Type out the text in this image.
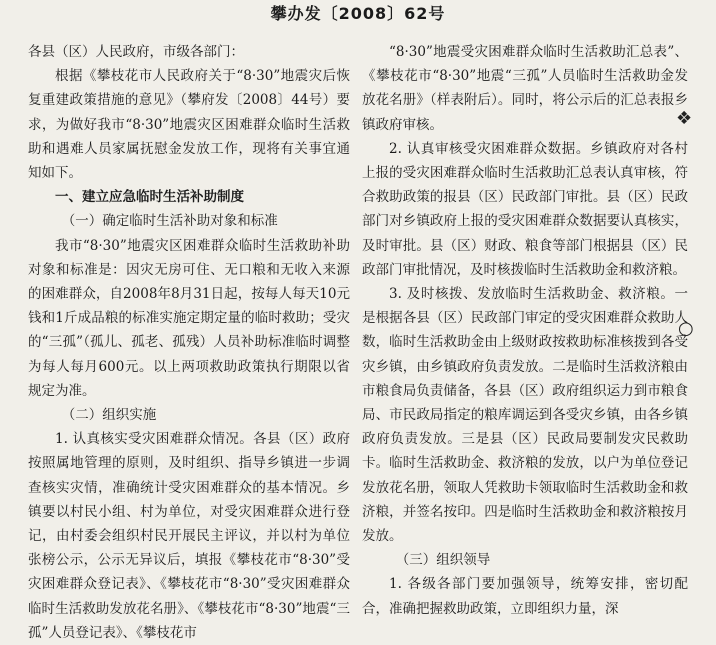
攀办发〔2008〕62号

各县（区）人民政府，市级各部门：

根据《攀枝花市人民政府关于“8·30”地震灾后恢复重建政策措施的意见》（攀府发〔2008〕44号）要求，为做好我市“8·30”地震灾区困难群众临时生活救助和遇难人员家属抚慰金发放工作，现将有关事宜通知如下。

一、建立应急临时生活补助制度

（一）确定临时生活补助对象和标准

我市“8·30”地震灾区困难群众临时生活救助补助对象和标准是：因灾无房可住、无口粮和无收入来源的困难群众，自2008年8月31日起，按每人每天10元钱和1斤成品粮的标准实施定期定量的临时救助；受灾的“三孤”（孤儿、孤老、孤残）人员补助标准临时调整为每人每月600元。以上两项救助政策执行期限以省规定为准。

（二）组织实施

1. 认真核实受灾困难群众情况。各县（区）政府按照属地管理的原则，及时组织、指导乡镇进一步调查核实灾情，准确统计受灾困难群众的基本情况。乡镇要以村民小组、村为单位，对受灾困难群众进行登记，由村委会组织村民开展民主评议，并以村为单位张榜公示，公示无异议后，填报《攀枝花市“8·30”受灾困难群众登记表》、《攀枝花市“8·30”受灾困难群众临时生活救助发放花名册》、《攀枝花市“8·30”地震“三孤”人员登记表》、《攀枝花市

“8·30”地震受灾困难群众临时生活救助汇总表”、《攀枝花市“8·30”地震“三孤”人员临时生活救助金发放花名册》（样表附后）。同时，将公示后的汇总表报乡镇政府审核。

2. 认真审核受灾困难群众数据。乡镇政府对各村上报的受灾困难群众临时生活救助汇总表认真审核，符合救助政策的报县（区）民政部门审批。县（区）民政部门对乡镇政府上报的受灾困难群众数据要认真核实，及时审批。县（区）财政、粮食等部门根据县（区）民政部门审批情况，及时核拨临时生活救助金和救济粮。

3. 及时核拨、发放临时生活救助金、救济粮。一是根据各县（区）民政部门审定的受灾困难群众救助人数，临时生活救助金由上级财政按救助标准核拨到各受灾乡镇，由乡镇政府负责发放。二是临时生活救济粮由市粮食局负责储备，各县（区）政府组织运力到市粮食局、市民政局指定的粮库调运到各受灾乡镇，由各乡镇政府负责发放。三是县（区）民政局要制发灾民救助卡。临时生活救助金、救济粮的发放，以户为单位登记发放花名册，领取人凭救助卡领取临时生活救助金和救济粮，并签名按印。四是临时生活救助金和救济粮按月发放。

（三）组织领导

1. 各级各部门要加强领导，统筹安排，密切配合，准确把握救助政策，立即组织力量，深

❖
○
